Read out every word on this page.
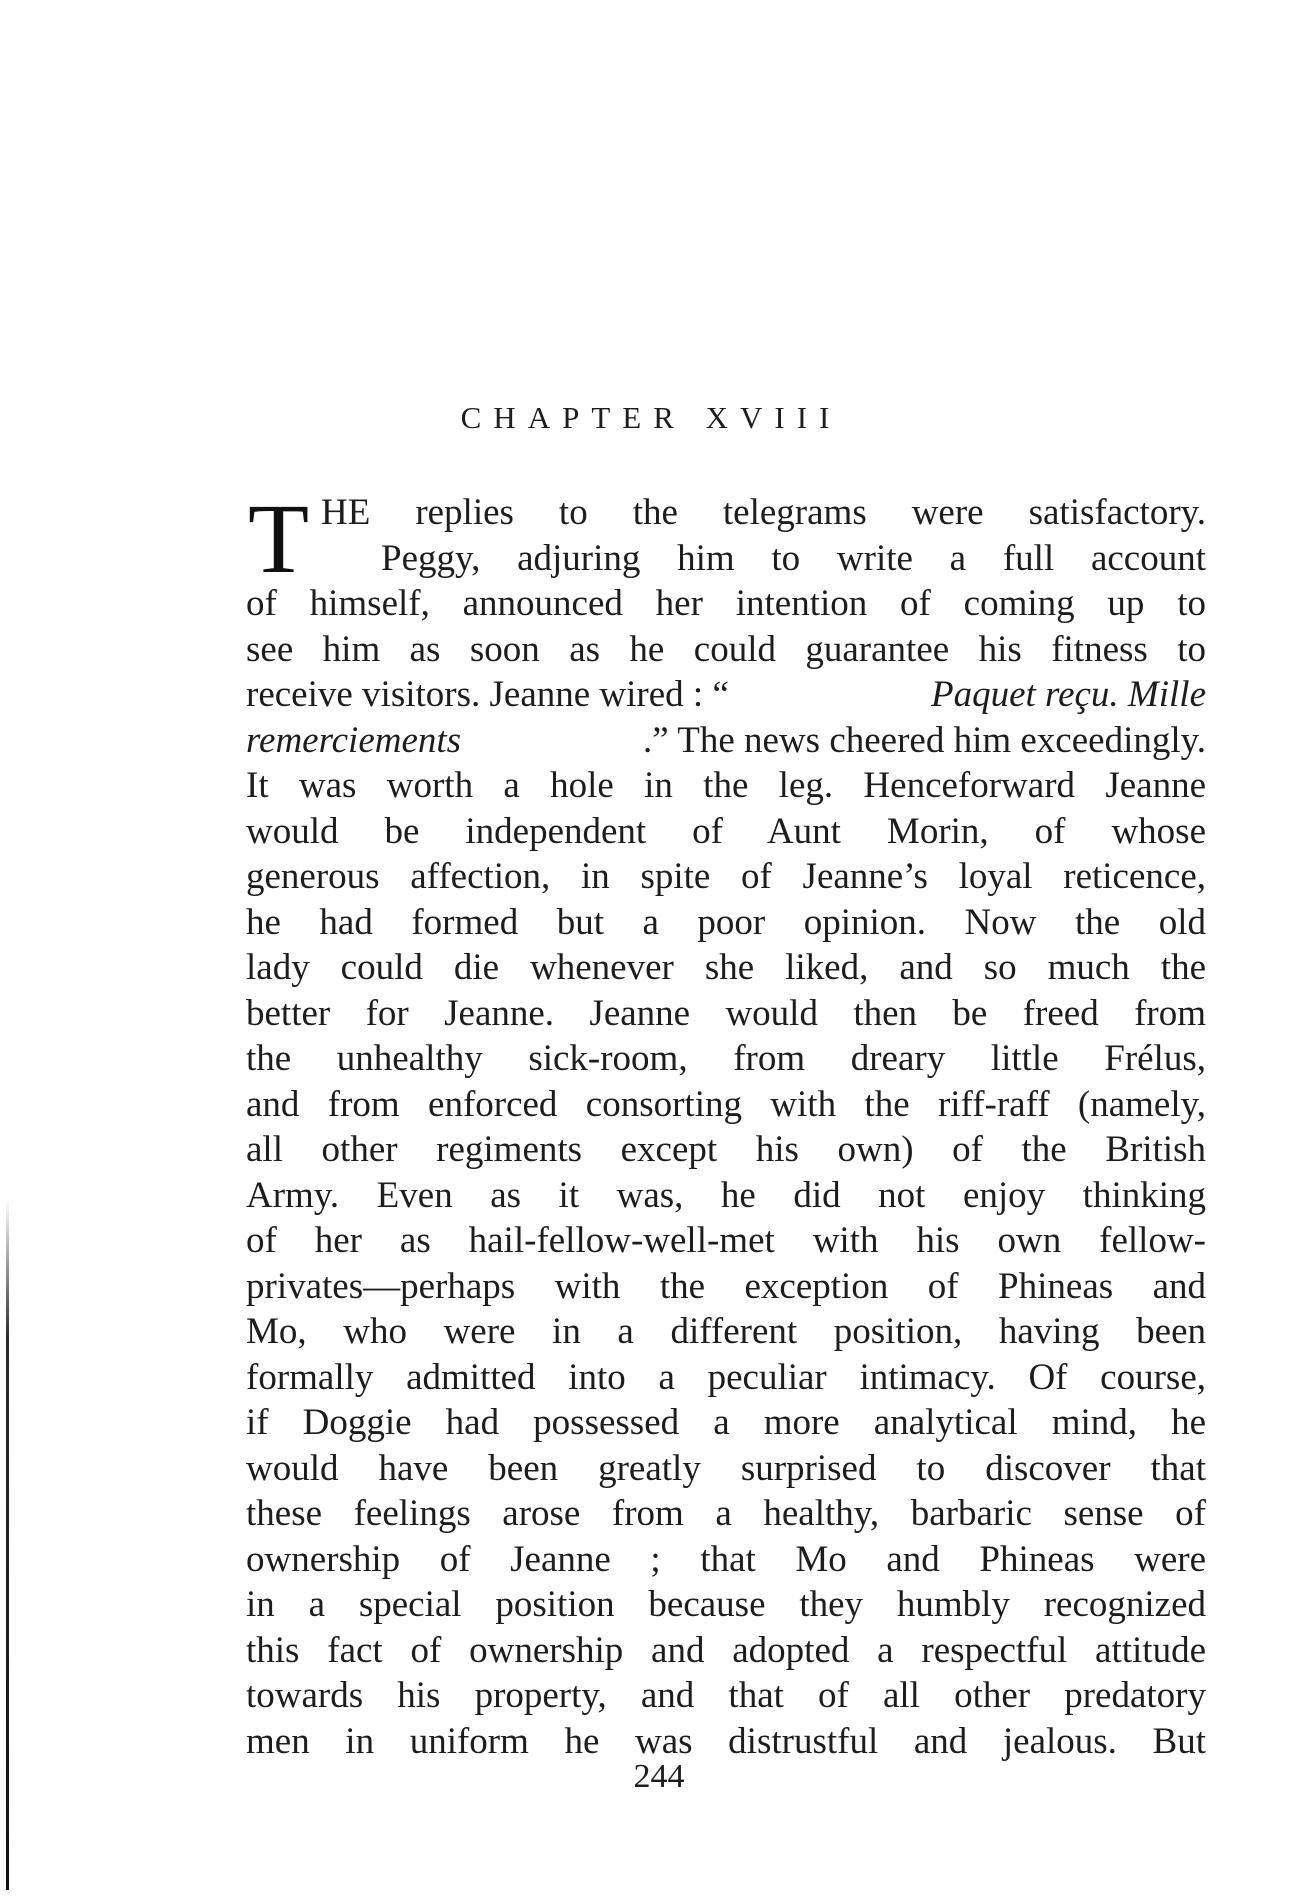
CHAPTER XVIII
T HE replies to the telegrams were satisfactory.
Peggy, adjuring him to write a full account
of himself, announced her intention of coming up to
see him as soon as he could guarantee his fitness to
receive visitors. Jeanne wired : “	Paquet reçu. Mille
remerciements	.” The news cheered him exceedingly.
It was worth a hole in the leg. Henceforward Jeanne
would be independent of Aunt Morin, of whose
generous affection, in spite of Jeanne’s loyal reticence,
he had formed but a poor opinion. Now the old
lady could die whenever she liked, and so much the
better for Jeanne. Jeanne would then be freed from
the unhealthy sick-room, from dreary little Frélus,
and from enforced consorting with the riff-raff (namely,
all other regiments except his own) of the British
Army. Even as it was, he did not enjoy thinking
of her as hail-fellow-well-met with his own fellow-
privates—perhaps with the exception of Phineas and
Mo, who were in a different position, having been
formally admitted into a peculiar intimacy. Of course,
if Doggie had possessed a more analytical mind, he
would have been greatly surprised to discover that
these feelings arose from a healthy, barbaric sense of
ownership of Jeanne ; that Mo and Phineas were
in a special position because they humbly recognized
this fact of ownership and adopted a respectful attitude
towards his property, and that of all other predatory
men in uniform he was distrustful and jealous. But
244
